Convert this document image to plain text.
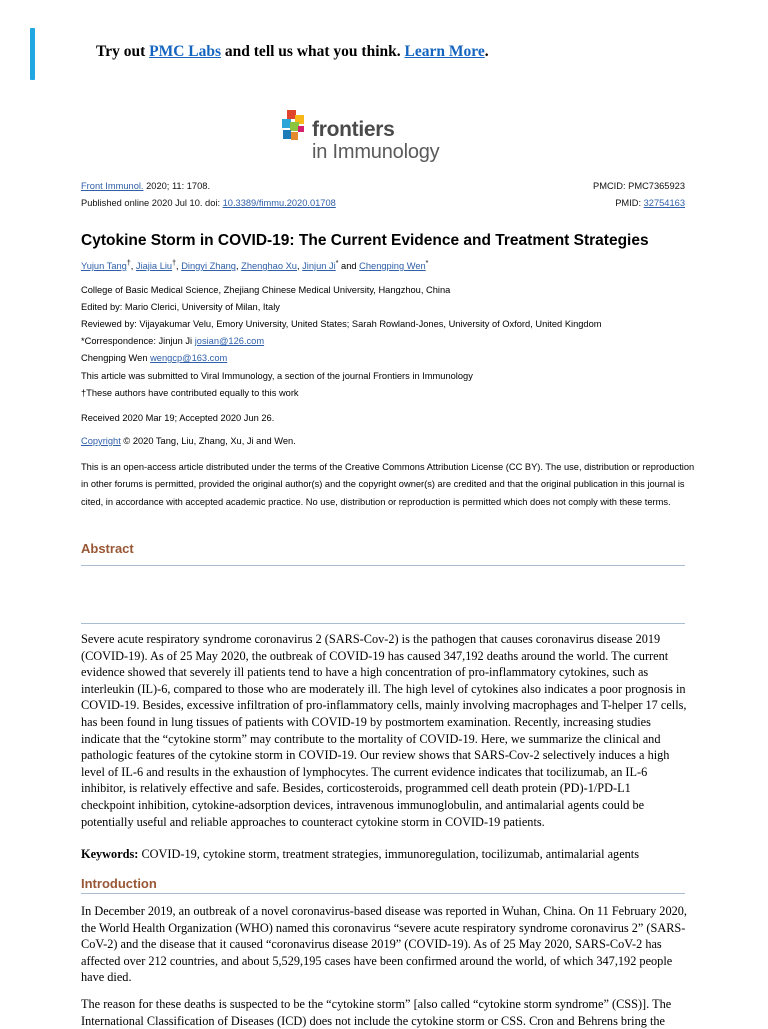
Try out PMC Labs and tell us what you think. Learn More.
frontiers
in Immunology
Front Immunol. 2020; 11: 1708.	PMCID: PMC7365923
Published online 2020 Jul 10. doi: 10.3389/fimmu.2020.01708	PMID: 32754163
Cytokine Storm in COVID-19: The Current Evidence and Treatment Strategies
Yujun Tang†, Jiajia Liu†, Dingyi Zhang, Zhenghao Xu, Jinjun Ji* and Chengping Wen*
College of Basic Medical Science, Zhejiang Chinese Medical University, Hangzhou, China
Edited by: Mario Clerici, University of Milan, Italy
Reviewed by: Vijayakumar Velu, Emory University, United States; Sarah Rowland-Jones, University of Oxford, United Kingdom
*Correspondence: Jinjun Ji josian@126.com
Chengping Wen wengcp@163.com
This article was submitted to Viral Immunology, a section of the journal Frontiers in Immunology
†These authors have contributed equally to this work
Received 2020 Mar 19; Accepted 2020 Jun 26.
Copyright © 2020 Tang, Liu, Zhang, Xu, Ji and Wen.
This is an open-access article distributed under the terms of the Creative Commons Attribution License (CC BY). The use, distribution or reproduction in other forums is permitted, provided the original author(s) and the copyright owner(s) are credited and that the original publication in this journal is cited, in accordance with accepted academic practice. No use, distribution or reproduction is permitted which does not comply with these terms.
Abstract
Severe acute respiratory syndrome coronavirus 2 (SARS-Cov-2) is the pathogen that causes coronavirus disease 2019 (COVID-19). As of 25 May 2020, the outbreak of COVID-19 has caused 347,192 deaths around the world. The current evidence showed that severely ill patients tend to have a high concentration of pro-inflammatory cytokines, such as interleukin (IL)-6, compared to those who are moderately ill. The high level of cytokines also indicates a poor prognosis in COVID-19. Besides, excessive infiltration of pro-inflammatory cells, mainly involving macrophages and T-helper 17 cells, has been found in lung tissues of patients with COVID-19 by postmortem examination. Recently, increasing studies indicate that the “cytokine storm” may contribute to the mortality of COVID-19. Here, we summarize the clinical and pathologic features of the cytokine storm in COVID-19. Our review shows that SARS-Cov-2 selectively induces a high level of IL-6 and results in the exhaustion of lymphocytes. The current evidence indicates that tocilizumab, an IL-6 inhibitor, is relatively effective and safe. Besides, corticosteroids, programmed cell death protein (PD)-1/PD-L1 checkpoint inhibition, cytokine-adsorption devices, intravenous immunoglobulin, and antimalarial agents could be potentially useful and reliable approaches to counteract cytokine storm in COVID-19 patients.
Keywords: COVID-19, cytokine storm, treatment strategies, immunoregulation, tocilizumab, antimalarial agents
Introduction
In December 2019, an outbreak of a novel coronavirus-based disease was reported in Wuhan, China. On 11 February 2020, the World Health Organization (WHO) named this coronavirus “severe acute respiratory syndrome coronavirus 2” (SARS-CoV-2) and the disease that it caused “coronavirus disease 2019” (COVID-19). As of 25 May 2020, SARS-CoV-2 has affected over 212 countries, and about 5,529,195 cases have been confirmed around the world, of which 347,192 people have died.
The reason for these deaths is suspected to be the “cytokine storm” [also called “cytokine storm syndrome” (CSS)]. The International Classification of Diseases (ICD) does not include the cytokine storm or CSS. Cron and Behrens bring the
